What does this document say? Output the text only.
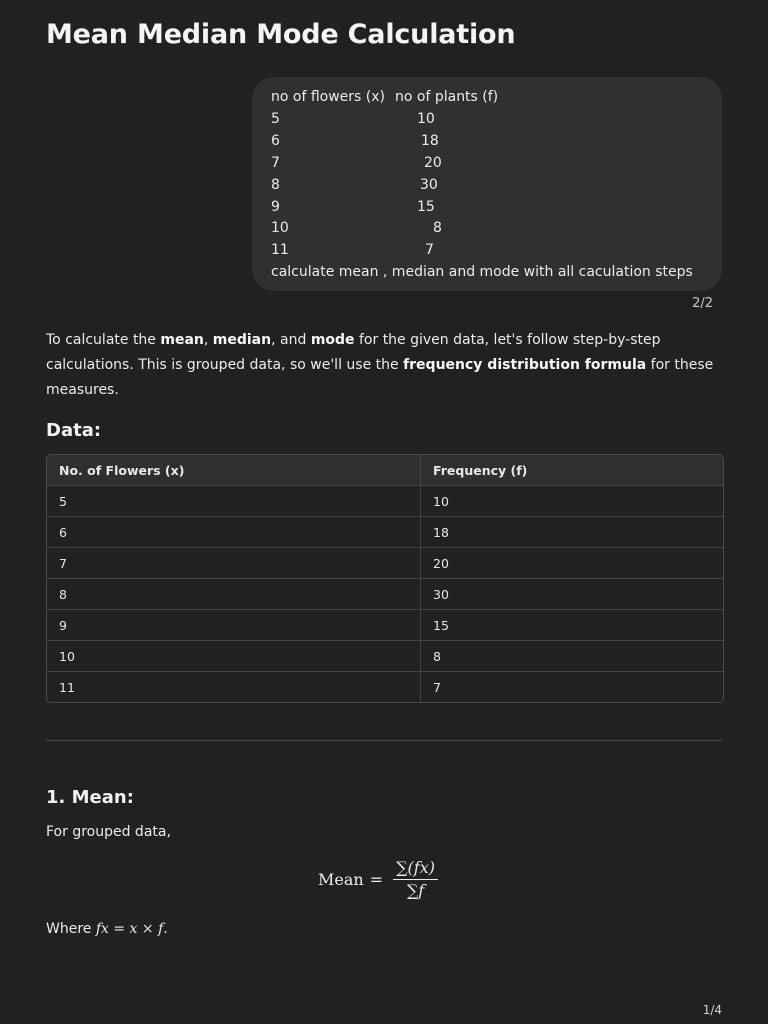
Mean Median Mode Calculation
no of flowers (x) no of plants (f)
5	10
6	18
7	20
8	30
9	15
10	8
11	7
calculate mean , median and mode with all caculation steps
2/2

To calculate the mean, median, and mode for the given data, let's follow step-by-step calculations. This is grouped data, so we'll use the frequency distribution formula for these measures.

Data:
No. of Flowers (x)	Frequency (f)
5	10
6	18
7	20
8	30
9	15
10	8
11	7
1. Mean:

For grouped data,

Mean = $\frac{\sum(fx)}{\sum f}$

Where fx = x × f.

1/4
